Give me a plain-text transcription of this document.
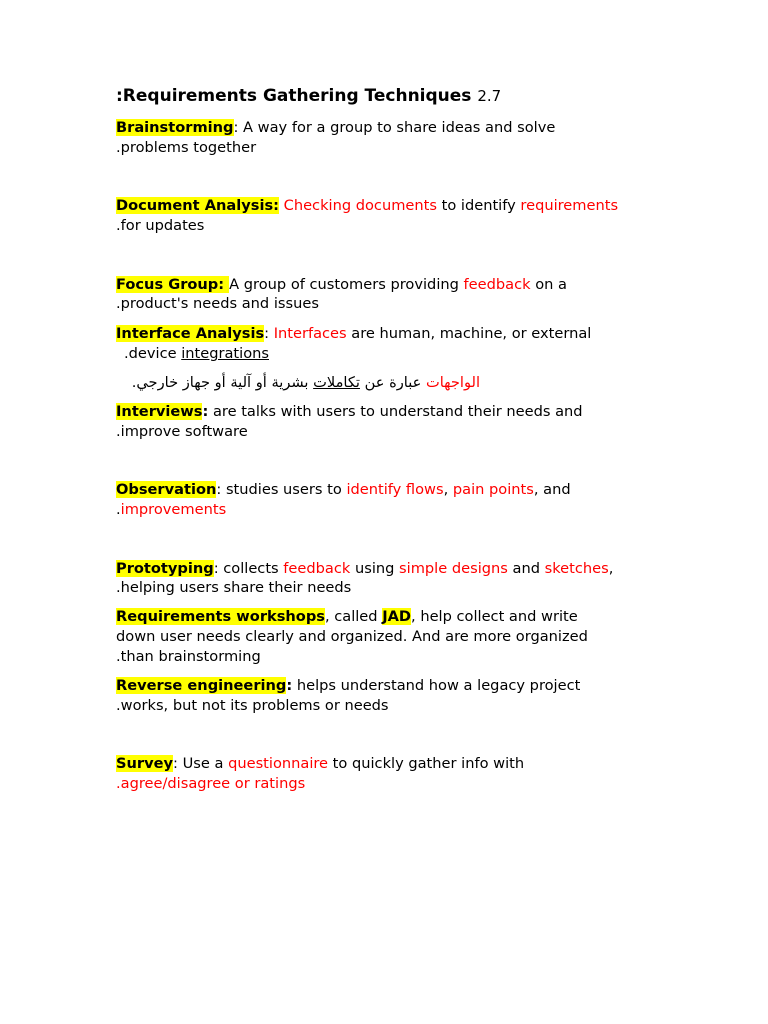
:Requirements Gathering Techniques 2.7
Brainstorming: A way for a group to share ideas and solve
.problems together
Document Analysis: Checking documents to identify requirements
.for updates
Focus Group: A group of customers providing feedback on a
.product's needs and issues
Interface Analysis: Interfaces are human, machine, or external
.device integrations
الواجهات عبارة عن تكاملات بشرية أو آلية أو جهاز خارجي.
Interviews: are talks with users to understand their needs and
.improve software
Observation: studies users to identify flows, pain points, and
.improvements
Prototyping: collects feedback using simple designs and sketches,
.helping users share their needs
Requirements workshops, called JAD, help collect and write
down user needs clearly and organized. And are more organized
.than brainstorming
Reverse engineering: helps understand how a legacy project
.works, but not its problems or needs
Survey: Use a questionnaire to quickly gather info with
.agree/disagree or ratings
